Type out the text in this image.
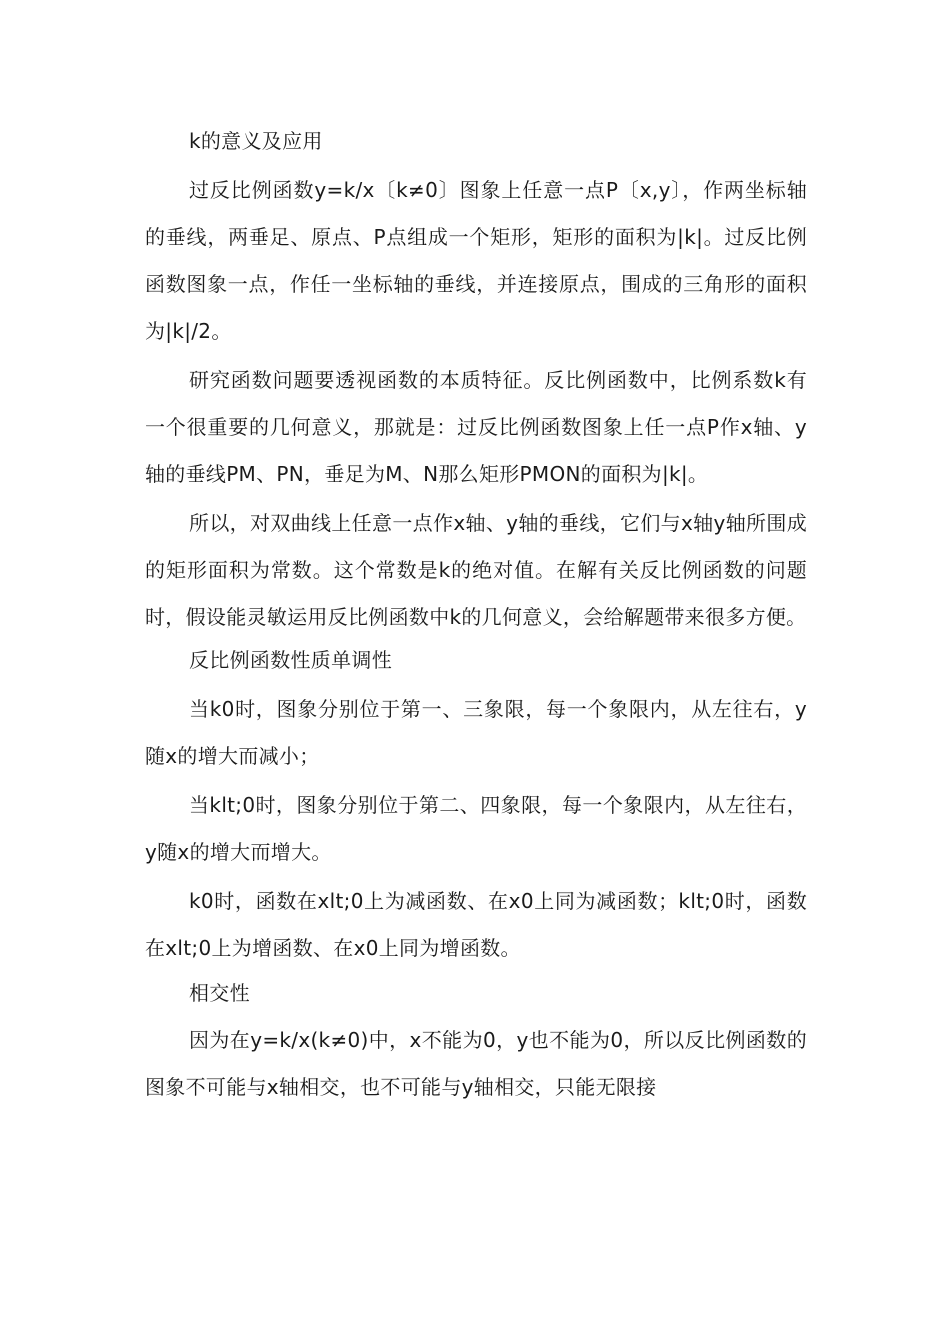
k的意义及应用

过反比例函数y=k/x〔k≠0〕图象上任意一点P〔x,y〕，作两坐标轴的垂线，两垂足、原点、P点组成一个矩形，矩形的面积为|k|。过反比例函数图象一点，作任一坐标轴的垂线，并连接原点，围成的三角形的面积为|k|/2。

研究函数问题要透视函数的本质特征。反比例函数中，比例系数k有一个很重要的几何意义，那就是：过反比例函数图象上任一点P作x轴、y轴的垂线PM、PN，垂足为M、N那么矩形PMON的面积为|k|。

所以，对双曲线上任意一点作x轴、y轴的垂线，它们与x轴y轴所围成的矩形面积为常数。这个常数是k的绝对值。在解有关反比例函数的问题时，假设能灵敏运用反比例函数中k的几何意义，会给解题带来很多方便。

反比例函数性质单调性

当k0时，图象分别位于第一、三象限，每一个象限内，从左往右，y随x的增大而减小；

当klt;0时，图象分别位于第二、四象限，每一个象限内，从左往右，y随x的增大而增大。

k0时，函数在xlt;0上为减函数、在x0上同为减函数；klt;0时，函数在xlt;0上为增函数、在x0上同为增函数。

相交性

因为在y=k/x(k≠0)中，x不能为0，y也不能为0，所以反比例函数的图象不可能与x轴相交，也不可能与y轴相交，只能无限接
